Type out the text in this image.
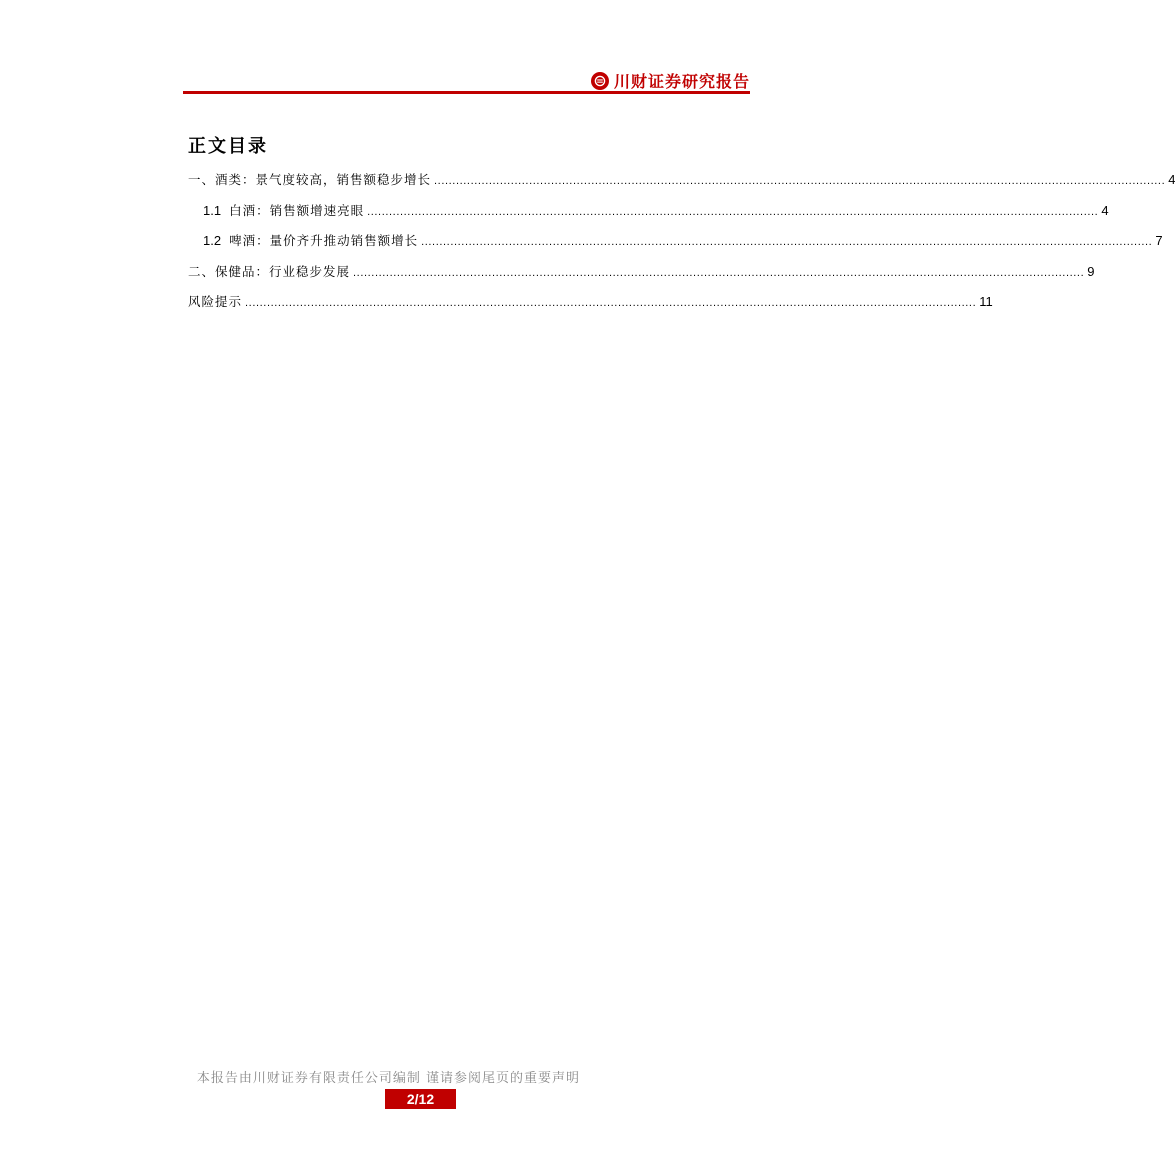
川财证券研究报告
正文目录
一、酒类：景气度较高，销售额稳步增长 ........................................................................................................................................................................................................ 4
1.1 白酒：销售额增速亮眼 ........................................................................................................................................................................................................ 4
1.2 啤酒：量价齐升推动销售额增长 ........................................................................................................................................................................................................ 7
二、保健品：行业稳步发展 ........................................................................................................................................................................................................ 9
风险提示 ........................................................................................................................................................................................................ 11
本报告由川财证券有限责任公司编制 谨请参阅尾页的重要声明
2/12
